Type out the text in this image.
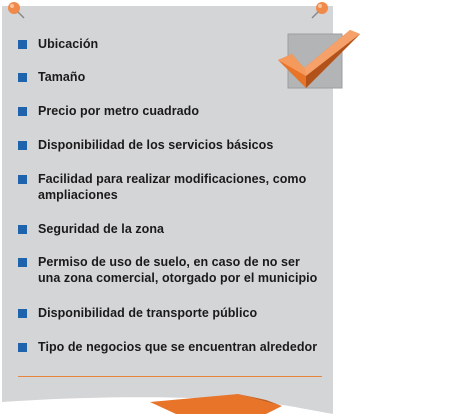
Ubicación
Tamaño
Precio por metro cuadrado
Disponibilidad de los servicios básicos
Facilidad para realizar modificaciones, como
ampliaciones
Seguridad de la zona
Permiso de uso de suelo, en caso de no ser
una zona comercial, otorgado por el municipio
Disponibilidad de transporte público
Tipo de negocios que se encuentran alrededor
